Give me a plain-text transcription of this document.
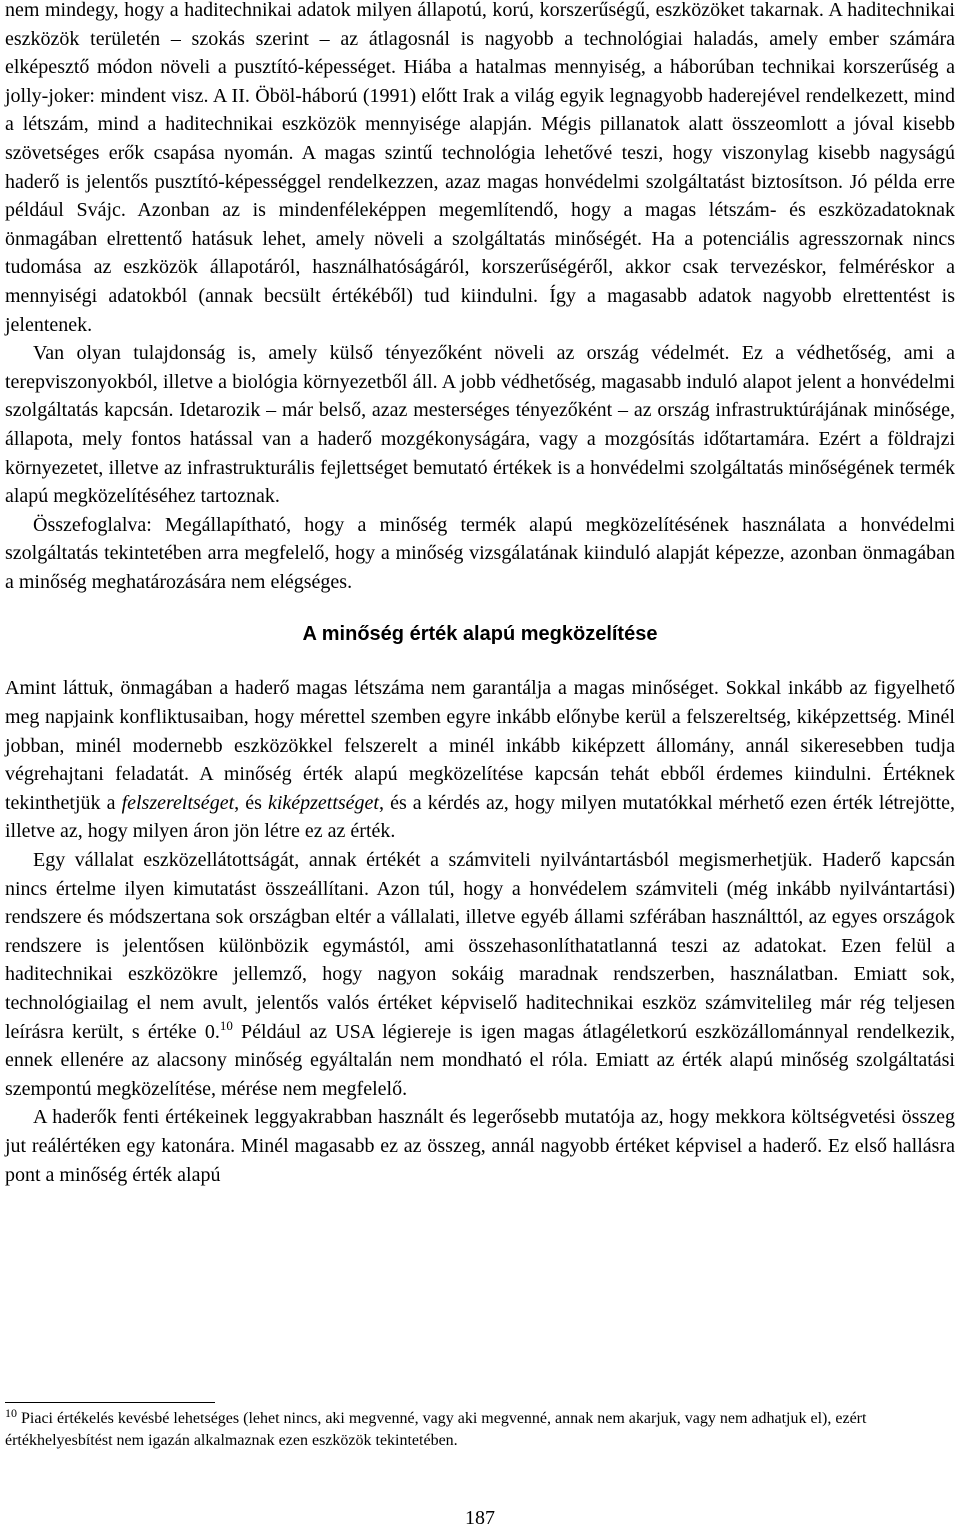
nem mindegy, hogy a haditechnikai adatok milyen állapotú, korú, korszerűségű, eszközöket takarnak. A haditechnikai eszközök területén – szokás szerint – az átlagosnál is nagyobb a technológiai haladás, amely ember számára elképesztő módon növeli a pusztító-képességet. Hiába a hatalmas mennyiség, a háborúban technikai korszerűség a jolly-joker: mindent visz. A II. Öböl-háború (1991) előtt Irak a világ egyik legnagyobb haderejével rendelkezett, mind a létszám, mind a haditechnikai eszközök mennyisége alapján. Mégis pillanatok alatt összeomlott a jóval kisebb szövetséges erők csapása nyomán. A magas szintű technológia lehetővé teszi, hogy viszonylag kisebb nagyságú haderő is jelentős pusztító-képességgel rendelkezzen, azaz magas honvédelmi szolgáltatást biztosítson. Jó példa erre például Svájc. Azonban az is mindenféleképpen megemlítendő, hogy a magas létszám- és eszközadatoknak önmagában elrettentő hatásuk lehet, amely növeli a szolgáltatás minőségét. Ha a potenciális agresszornak nincs tudomása az eszközök állapotáról, használhatóságáról, korszerűségéről, akkor csak tervezéskor, felméréskor a mennyiségi adatokból (annak becsült értékéből) tud kiindulni. Így a magasabb adatok nagyobb elrettentést is jelentenek.

Van olyan tulajdonság is, amely külső tényezőként növeli az ország védelmét. Ez a védhetőség, ami a terepviszonyokból, illetve a biológia környezetből áll. A jobb védhetőség, magasabb induló alapot jelent a honvédelmi szolgáltatás kapcsán. Idetarozik – már belső, azaz mesterséges tényezőként – az ország infrastruktúrájának minősége, állapota, mely fontos hatással van a haderő mozgékonyságára, vagy a mozgósítás időtartamára. Ezért a földrajzi környezetet, illetve az infrastrukturális fejlettséget bemutató értékek is a honvédelmi szolgáltatás minőségének termék alapú megközelítéséhez tartoznak.

Összefoglalva: Megállapítható, hogy a minőség termék alapú megközelítésének használata a honvédelmi szolgáltatás tekintetében arra megfelelő, hogy a minőség vizsgálatának kiinduló alapját képezze, azonban önmagában a minőség meghatározására nem elégséges.

A minőség érték alapú megközelítése

Amint láttuk, önmagában a haderő magas létszáma nem garantálja a magas minőséget. Sokkal inkább az figyelhető meg napjaink konfliktusaiban, hogy mérettel szemben egyre inkább előnybe kerül a felszereltség, kiképzettség. Minél jobban, minél modernebb eszközökkel felszerelt a minél inkább kiképzett állomány, annál sikeresebben tudja végrehajtani feladatát. A minőség érték alapú megközelítése kapcsán tehát ebből érdemes kiindulni. Értéknek tekinthetjük a felszereltséget, és kiképzettséget, és a kérdés az, hogy milyen mutatókkal mérhető ezen érték létrejötte, illetve az, hogy milyen áron jön létre ez az érték.

Egy vállalat eszközellátottságát, annak értékét a számviteli nyilvántartásból megismerhetjük. Haderő kapcsán nincs értelme ilyen kimutatást összeállítani. Azon túl, hogy a honvédelem számviteli (még inkább nyilvántartási) rendszere és módszertana sok országban eltér a vállalati, illetve egyéb állami szférában használttól, az egyes országok rendszere is jelentősen különbözik egymástól, ami összehasonlíthatatlanná teszi az adatokat. Ezen felül a haditechnikai eszközökre jellemző, hogy nagyon sokáig maradnak rendszerben, használatban. Emiatt sok, technológiailag el nem avult, jelentős valós értéket képviselő haditechnikai eszköz számvitelileg már rég teljesen leírásra került, s értéke 0.10 Például az USA légiereje is igen magas átlagéletkorú eszközállománnyal rendelkezik, ennek ellenére az alacsony minőség egyáltalán nem mondható el róla. Emiatt az érték alapú minőség szolgáltatási szempontú megközelítése, mérése nem megfelelő.

A haderők fenti értékeinek leggyakrabban használt és legerősebb mutatója az, hogy mekkora költségvetési összeg jut reálértéken egy katonára. Minél magasabb ez az összeg, annál nagyobb értéket képvisel a haderő. Ez első hallásra pont a minőség érték alapú

$^{10}$ Piaci értékelés kevésbé lehetséges (lehet nincs, aki megvenné, vagy aki megvenné, annak nem akarjuk, vagy nem adhatjuk el), ezért értékhelyesbítést nem igazán alkalmaznak ezen eszközök tekintetében.
187
